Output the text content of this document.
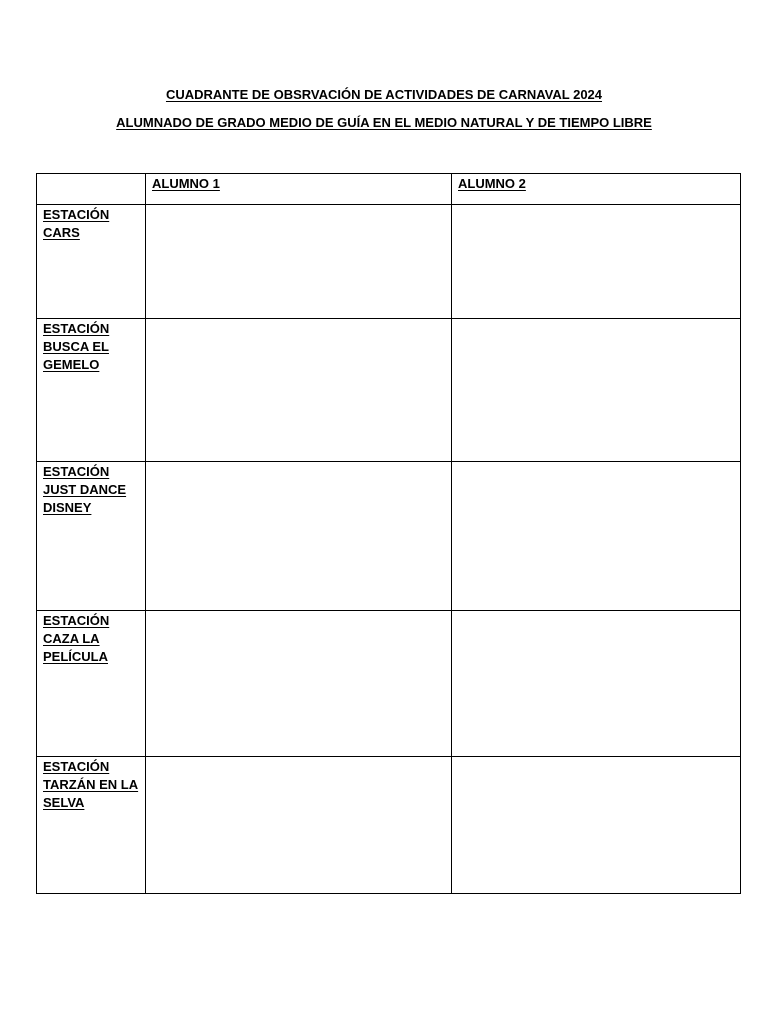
CUADRANTE DE OBSRVACIÓN DE ACTIVIDADES DE CARNAVAL 2024
ALUMNADO DE GRADO MEDIO DE GUÍA EN EL MEDIO NATURAL Y DE TIEMPO LIBRE
	ALUMNO 1	ALUMNO 2

ESTACIÓN
CARS		

ESTACIÓN
BUSCA EL
GEMELO		

ESTACIÓN
JUST DANCE
DISNEY		

ESTACIÓN
CAZA LA
PELÍCULA		

ESTACIÓN
TARZÁN EN LA
SELVA		
